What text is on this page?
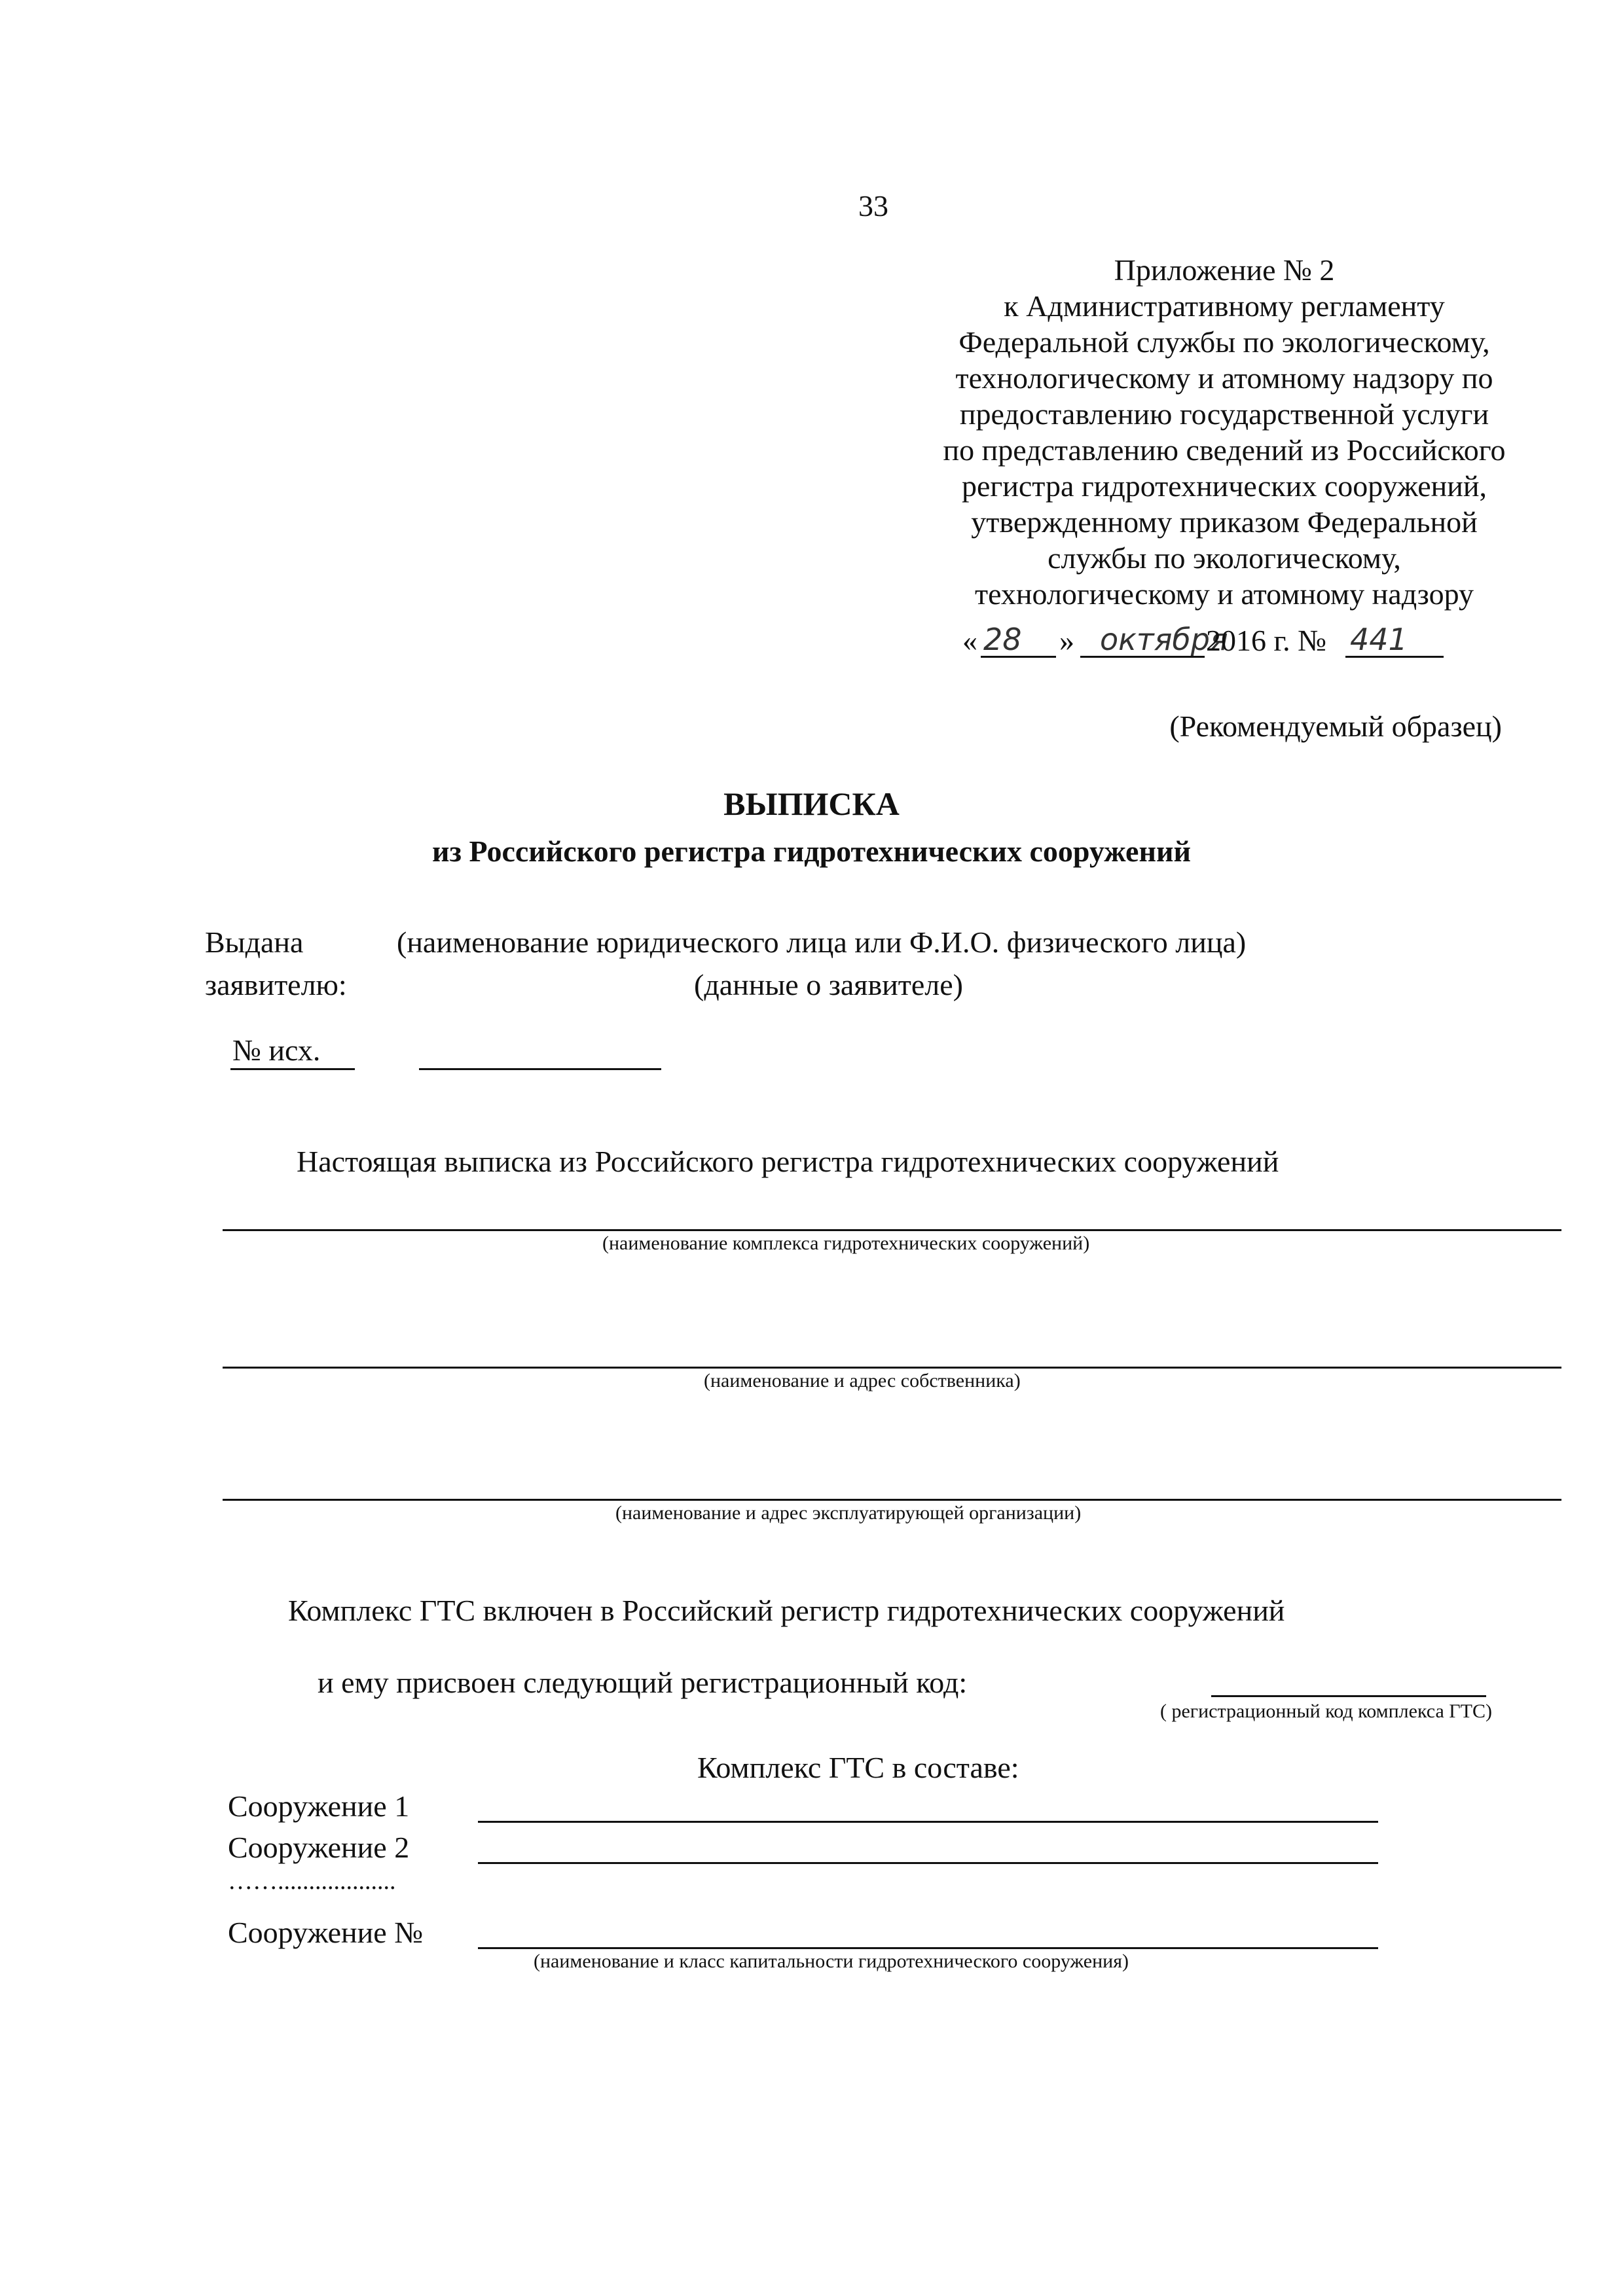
33
Приложение № 2
к Административному регламенту
Федеральной службы по экологическому,
технологическому и атомному надзору по
предоставлению государственной услуги
по представлению сведений из Российского
регистра гидротехнических сооружений,
утвержденному приказом Федеральной
службы по экологическому,
технологическому и атомному надзору
« 28 » октября
2016 г. № 441
(Рекомендуемый образец)
ВЫПИСКА
из Российского регистра гидротехнических сооружений
Выдана
заявителю:
(наименование юридического лица или Ф.И.О. физического лица)
(данные о заявителе)
№ исх.
Настоящая выписка из Российского регистра гидротехнических сооружений
(наименование комплекса гидротехнических сооружений)
(наименование и адрес собственника)
(наименование и адрес эксплуатирующей организации)
Комплекс ГТС включен в Российский регистр гидротехнических сооружений
и ему присвоен следующий регистрационный код:
( регистрационный код комплекса ГТС)
Комплекс ГТС в составе:
Сооружение 1
Сооружение 2
……...................
Сооружение №
(наименование и класс капитальности гидротехнического сооружения)
